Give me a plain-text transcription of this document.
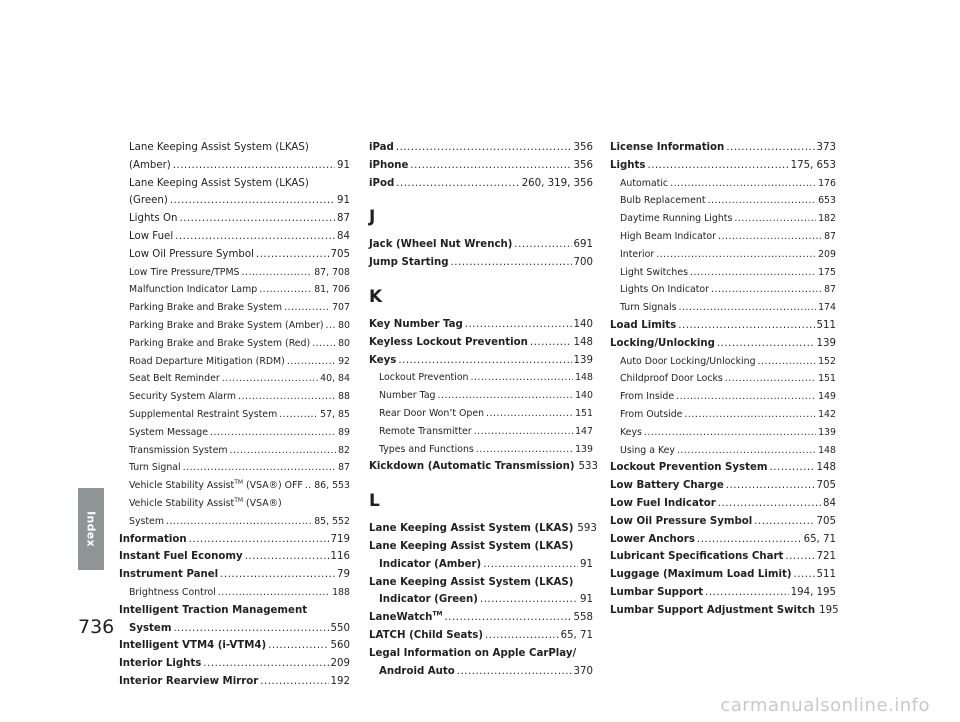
Index
736
Lane Keeping Assist System (LKAS)
(Amber) .....	91
Lane Keeping Assist System (LKAS)
(Green) .....	91
Lights On .....	87
Low Fuel .....	84
Low Oil Pressure Symbol .....	705
Low Tire Pressure/TPMS .....	87, 708
Malfunction Indicator Lamp .....	81, 706
Parking Brake and Brake System .....	707
Parking Brake and Brake System (Amber) ..... 80
Parking Brake and Brake System (Red) .....	80
Road Departure Mitigation (RDM) .....	92
Seat Belt Reminder .....	40, 84
Security System Alarm .....	88
Supplemental Restraint System .....	57, 85
System Message .....	89
Transmission System .....	82
Turn Signal .....	87
Vehicle Stability Assist™ (VSA®) OFF ..... 86, 553
Vehicle Stability Assist™ (VSA®)
System .....	85, 552
Information .....	719
Instant Fuel Economy .....	116
Instrument Panel .....	79
Brightness Control .....	188
Intelligent Traction Management
System .....	550
Intelligent VTM4 (i-VTM4) .....	560
Interior Lights .....	209
Interior Rearview Mirror .....	192
iPad .....	356
iPhone .....	356
iPod .....	260, 319, 356
J
Jack (Wheel Nut Wrench) .....	691
Jump Starting .....	700
K
Key Number Tag .....	140
Keyless Lockout Prevention .....	148
Keys .....	139
Lockout Prevention .....	148
Number Tag .....	140
Rear Door Won’t Open .....	151
Remote Transmitter .....	147
Types and Functions .....	139
Kickdown (Automatic Transmission) 533
L
Lane Keeping Assist System (LKAS) 593
Lane Keeping Assist System (LKAS)
Indicator (Amber) .....	91
Lane Keeping Assist System (LKAS)
Indicator (Green) .....	91
LaneWatch™ .....	558
LATCH (Child Seats) .....	65, 71
Legal Information on Apple CarPlay/
Android Auto .....	370
License Information .....	373
Lights .....	175, 653
Automatic .....	176
Bulb Replacement .....	653
Daytime Running Lights .....	182
High Beam Indicator .....	87
Interior .....	209
Light Switches .....	175
Lights On Indicator .....	87
Turn Signals .....	174
Load Limits .....	511
Locking/Unlocking .....	139
Auto Door Locking/Unlocking .....	152
Childproof Door Locks .....	151
From Inside .....	149
From Outside .....	142
Keys .....	139
Using a Key .....	148
Lockout Prevention System .....	148
Low Battery Charge .....	705
Low Fuel Indicator .....	84
Low Oil Pressure Symbol .....	705
Lower Anchors .....	65, 71
Lubricant Specifications Chart .....	721
Luggage (Maximum Load Limit) ..... 511
Lumbar Support .....	194, 195
Lumbar Support Adjustment Switch 195
carmanualsonline.info
